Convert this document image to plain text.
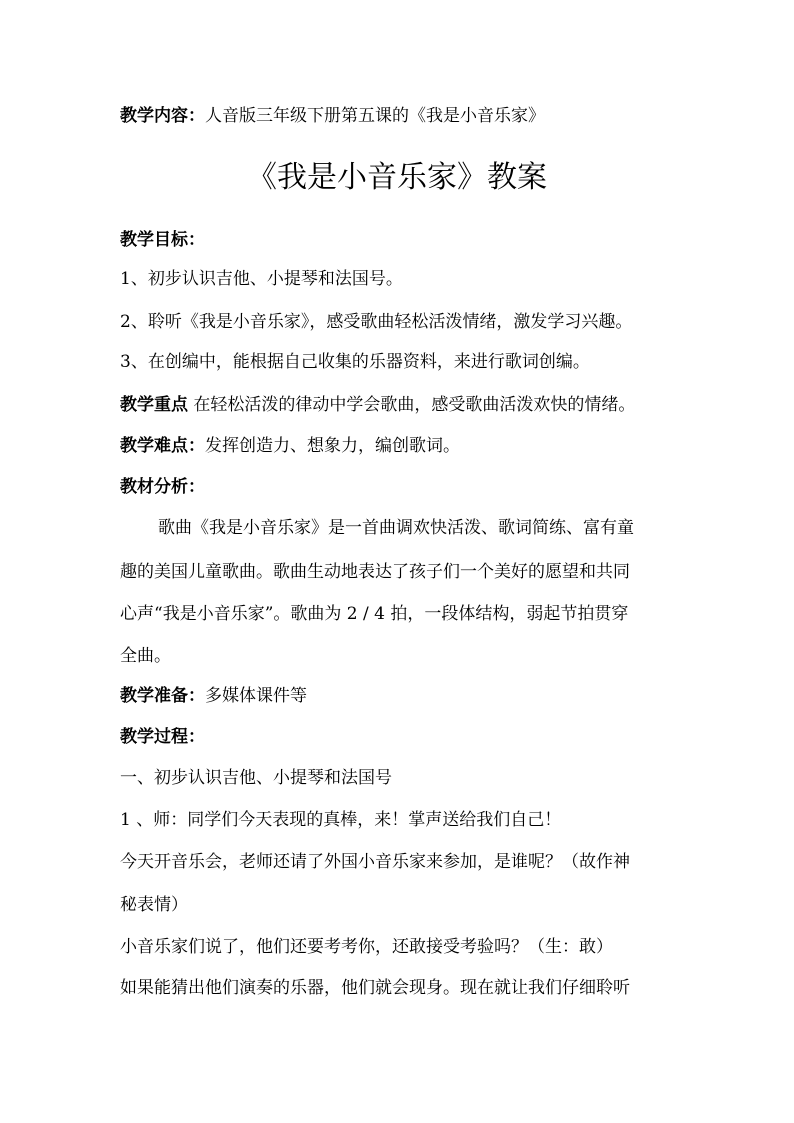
教学内容：人音版三年级下册第五课的《我是小音乐家》
《我是小音乐家》教案
教学目标：
1、初步认识吉他、小提琴和法国号。
2、聆听《我是小音乐家》，感受歌曲轻松活泼情绪，激发学习兴趣。
3、在创编中，能根据自己收集的乐器资料，来进行歌词创编。
教学重点 在轻松活泼的律动中学会歌曲，感受歌曲活泼欢快的情绪。
教学难点：发挥创造力、想象力，编创歌词。
教材分析：
歌曲《我是小音乐家》是一首曲调欢快活泼、歌词简练、富有童
趣的美国儿童歌曲。歌曲生动地表达了孩子们一个美好的愿望和共同
心声“我是小音乐家”。歌曲为 2 / 4 拍，一段体结构，弱起节拍贯穿
全曲。
教学准备：多媒体课件等
教学过程：
一、初步认识吉他、小提琴和法国号
1 、师：同学们今天表现的真棒，来！掌声送给我们自己！
今天开音乐会，老师还请了外国小音乐家来参加，是谁呢？（故作神
秘表情）
小音乐家们说了，他们还要考考你，还敢接受考验吗？（生：敢）
如果能猜出他们演奏的乐器，他们就会现身。现在就让我们仔细聆听
